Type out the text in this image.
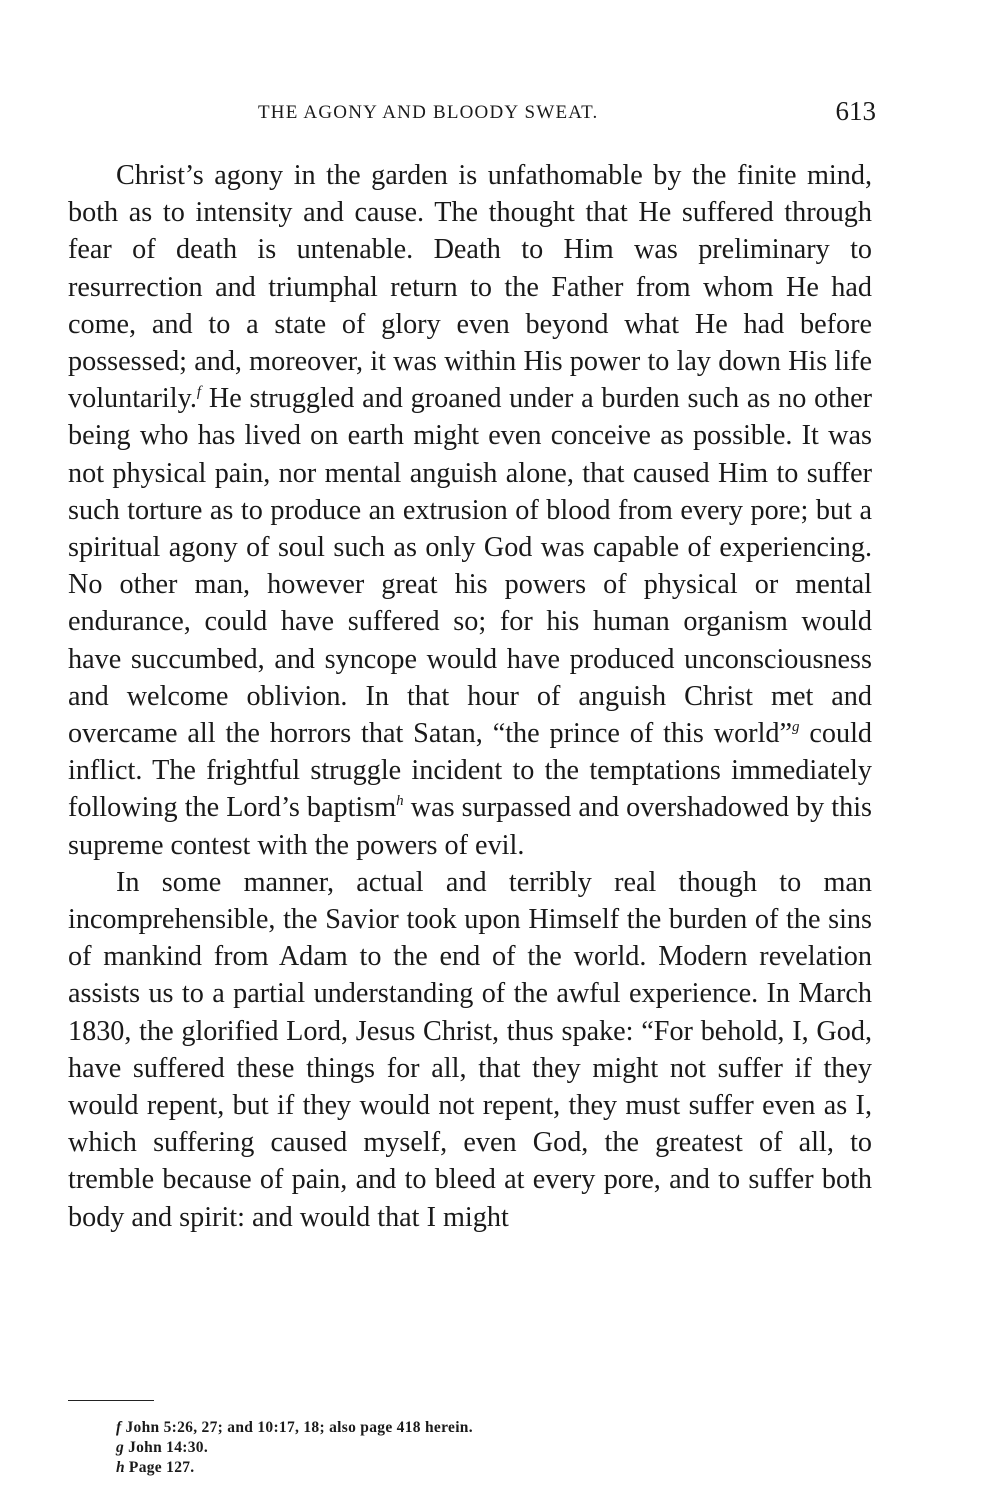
THE AGONY AND BLOODY SWEAT.	613

Christ’s agony in the garden is unfathomable by the finite mind, both as to intensity and cause. The thought that He suffered through fear of death is untenable. Death to Him was preliminary to resurrection and triumphal return to the Father from whom He had come, and to a state of glory even beyond what He had before possessed; and, moreover, it was within His power to lay down His life voluntarily.$^f$ He struggled and groaned under a burden such as no other being who has lived on earth might even conceive as possible. It was not physical pain, nor mental anguish alone, that caused Him to suffer such torture as to produce an extrusion of blood from every pore; but a spiritual agony of soul such as only God was capable of experiencing. No other man, however great his powers of physical or mental endurance, could have suffered so; for his human organism would have succumbed, and syncope would have produced unconsciousness and welcome oblivion. In that hour of anguish Christ met and overcame all the horrors that Satan, “the prince of this world”$^g$ could inflict. The frightful struggle incident to the temptations immediately following the Lord’s baptism$^h$ was surpassed and overshadowed by this supreme contest with the powers of evil.

In some manner, actual and terribly real though to man incomprehensible, the Savior took upon Himself the burden of the sins of mankind from Adam to the end of the world. Modern revelation assists us to a partial understanding of the awful experience. In March 1830, the glorified Lord, Jesus Christ, thus spake: “For behold, I, God, have suffered these things for all, that they might not suffer if they would repent, but if they would not repent, they must suffer even as I, which suffering caused myself, even God, the greatest of all, to tremble because of pain, and to bleed at every pore, and to suffer both body and spirit: and would that I might

f John 5:26, 27; and 10:17, 18; also page 418 herein.
g John 14:30.
h Page 127.
